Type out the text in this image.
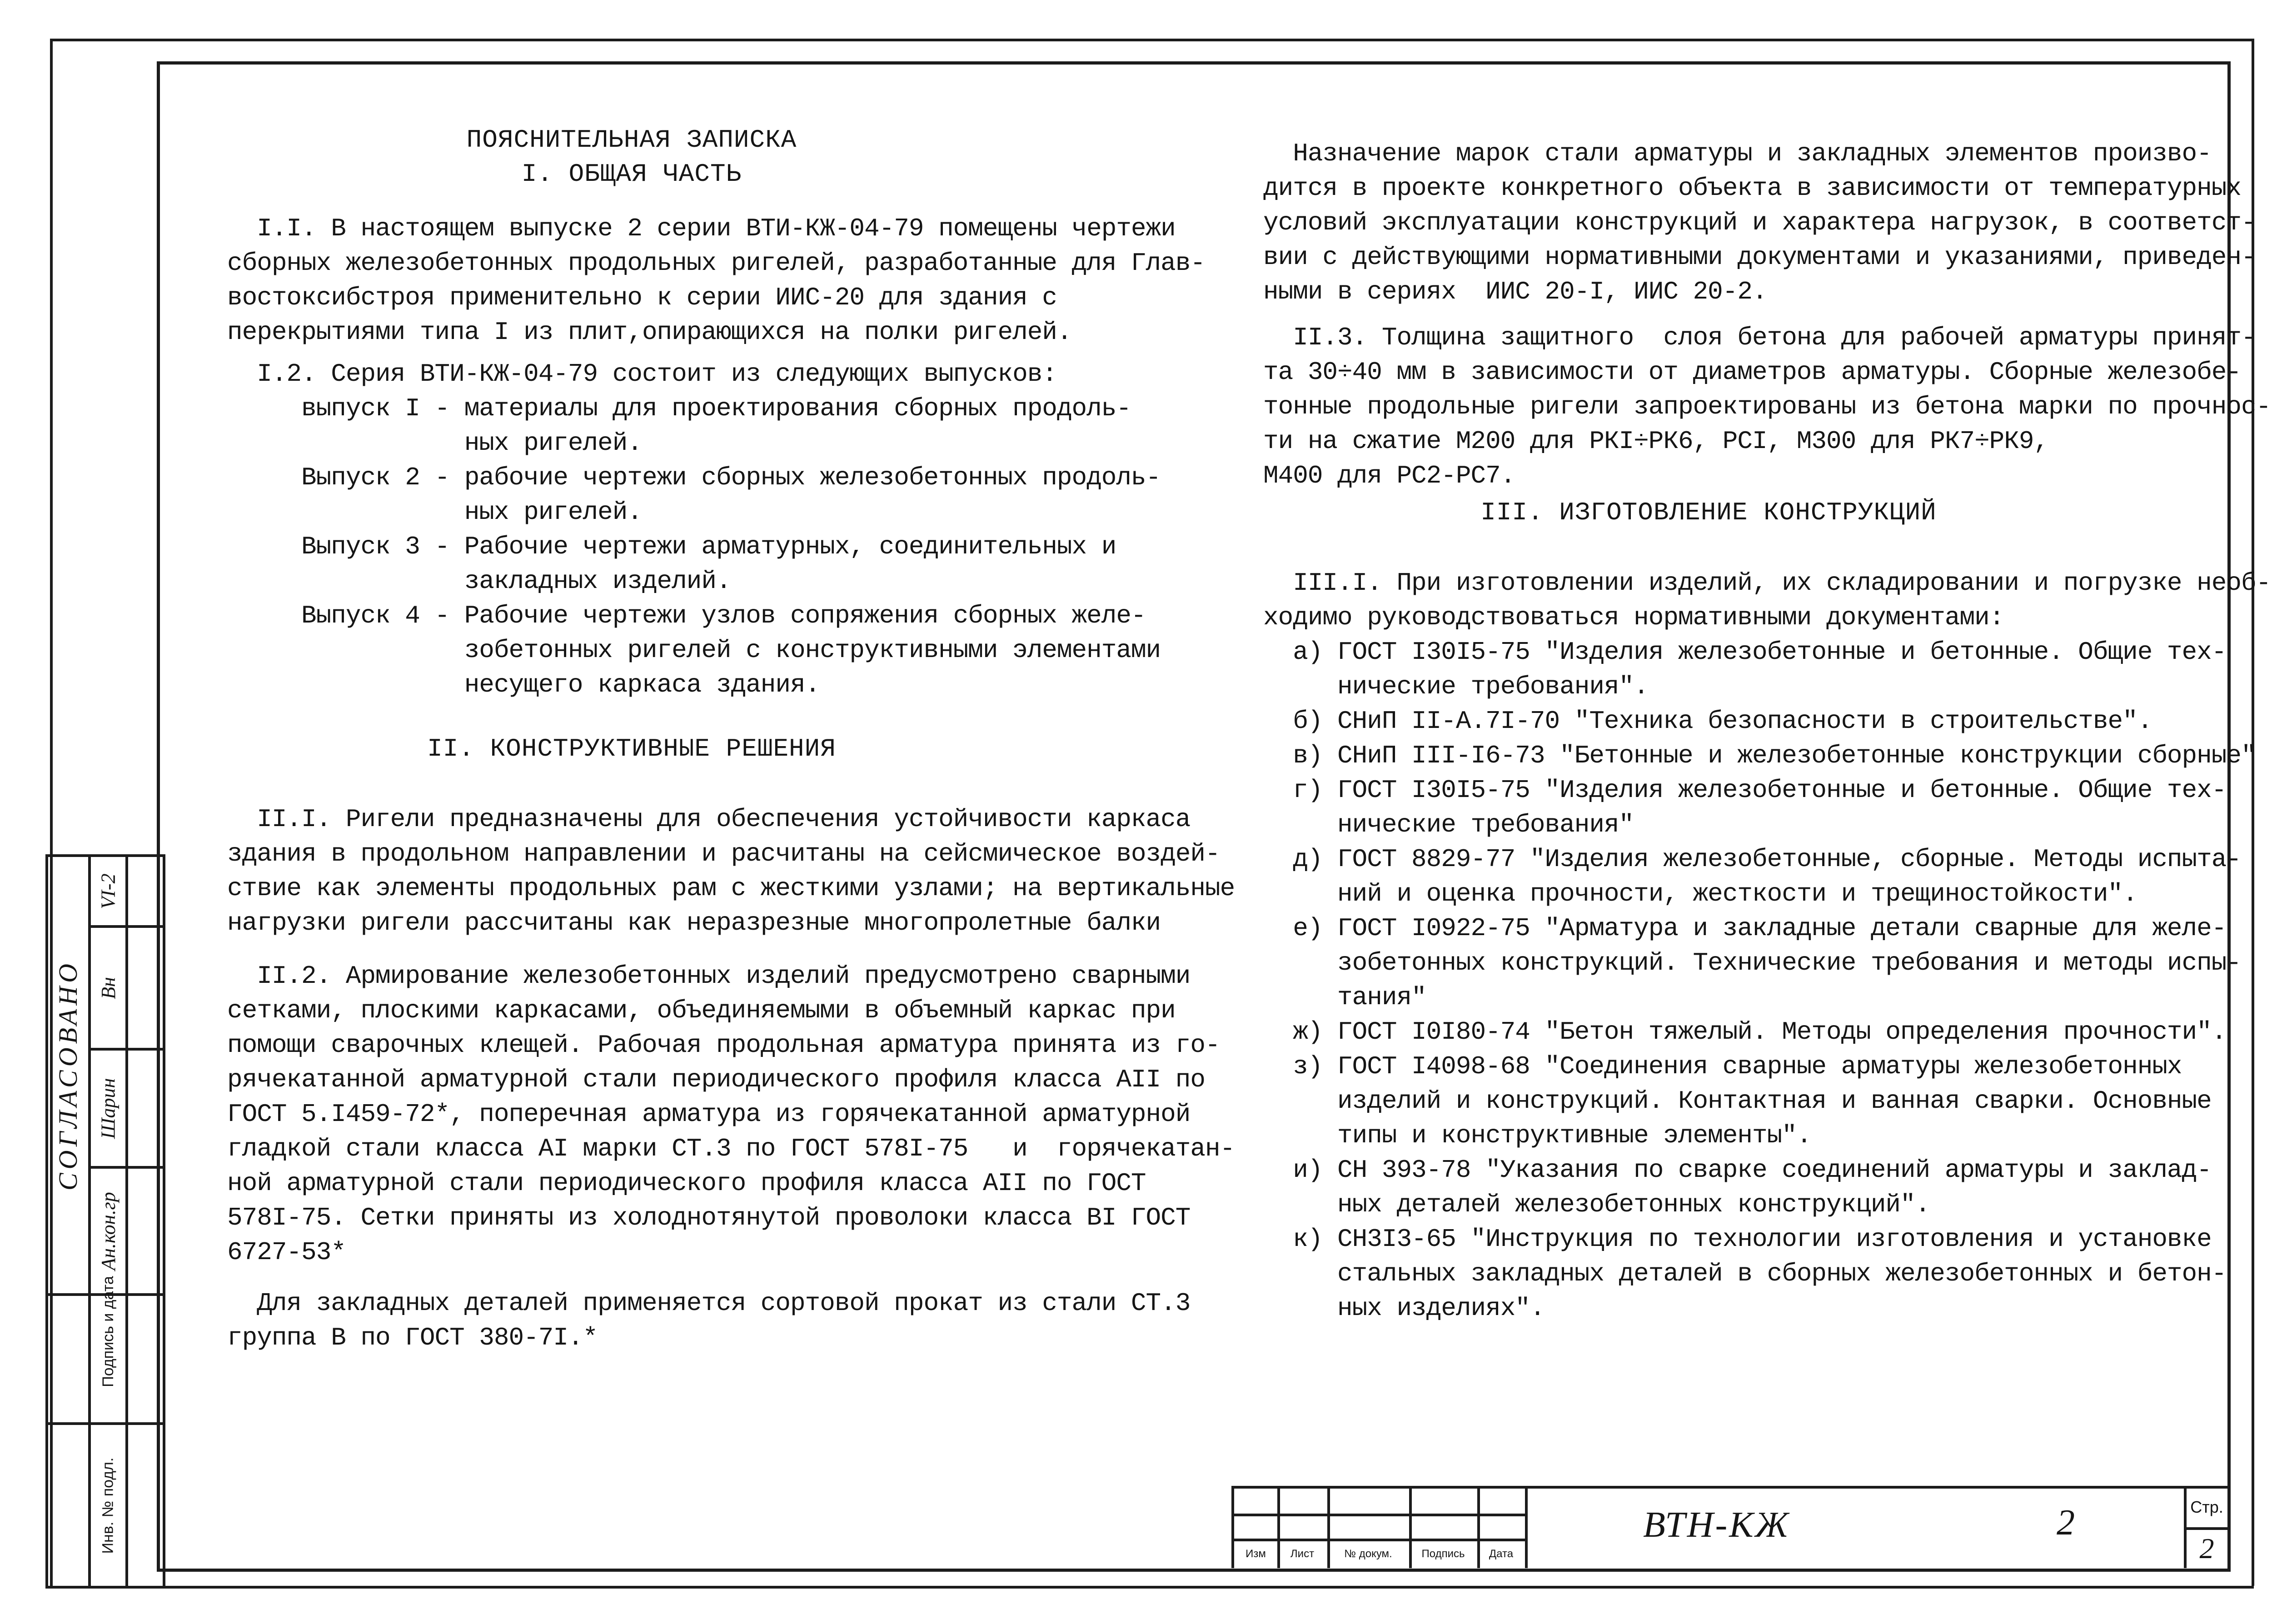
СОГЛАСОВАНО
VI-2
Вн
Шарин
Ан.кон.гр
Подпись и дата
Инв. № подл.
ПОЯСНИТЕЛЬНАЯ ЗАПИСКА
I. ОБЩАЯ ЧАСТЬ
II. КОНСТРУКТИВНЫЕ РЕШЕНИЯ
III. ИЗГОТОВЛЕНИЕ КОНСТРУКЦИЙ
I.I. В настоящем выпуске 2 серии ВТИ-КЖ-04-79 помещены чертежи
сборных железобетонных продольных ригелей, разработанные для Глав-
востоксибстроя применительно к серии ИИС-20 для здания с
перекрытиями типа I из плит,опирающихся на полки ригелей.
I.2. Серия ВТИ-КЖ-04-79 состоит из следующих выпусков:
выпуск I - материалы для проектирования сборных продоль-
ных ригелей.
Выпуск 2 - рабочие чертежи сборных железобетонных продоль-
ных ригелей.
Выпуск 3 - Рабочие чертежи арматурных, соединительных и
закладных изделий.
Выпуск 4 - Рабочие чертежи узлов сопряжения сборных желе-
зобетонных ригелей с конструктивными элементами
несущего каркаса здания.
II.I. Ригели предназначены для обеспечения устойчивости каркаса
здания в продольном направлении и расчитаны на сейсмическое воздей-
ствие как элементы продольных рам с жесткими узлами; на вертикальные
нагрузки ригели рассчитаны как неразрезные многопролетные балки
II.2. Армирование железобетонных изделий предусмотрено сварными
сетками, плоскими каркасами, объединяемыми в объемный каркас при
помощи сварочных клещей. Рабочая продольная арматура принята из го-
рячекатанной арматурной стали периодического профиля класса АII по
ГОСТ 5.I459-72*, поперечная арматура из горячекатанной арматурной
гладкой стали класса АI марки СТ.3 по ГОСТ 578I-75   и  горячекатан-
ной арматурной стали периодического профиля класса АII по ГОСТ
578I-75. Сетки приняты из холоднотянутой проволоки класса ВI ГОСТ
6727-53*
Для закладных деталей применяется сортовой прокат из стали СТ.3
группа В по ГОСТ 380-7I.*
Назначение марок стали арматуры и закладных элементов произво-
дится в проекте конкретного объекта в зависимости от температурных
условий эксплуатации конструкций и характера нагрузок, в соответст-
вии с действующими нормативными документами и указаниями, приведен-
ными в сериях  ИИС 20-I, ИИС 20-2.
II.3. Толщина защитного  слоя бетона для рабочей арматуры принят-
та 30÷40 мм в зависимости от диаметров арматуры. Сборные железобе-
тонные продольные ригели запроектированы из бетона марки по прочнос-
ти на сжатие М200 для РКI÷РК6, РСI, М300 для РК7÷РК9,
М400 для РС2-РС7.
III.I. При изготовлении изделий, их складировании и погрузке необ-
ходимо руководствоваться нормативными документами:
а) ГОСТ I30I5-75 "Изделия железобетонные и бетонные. Общие тех-
нические требования".
б) СНиП II-А.7I-70 "Техника безопасности в строительстве".
в) СНиП III-I6-73 "Бетонные и железобетонные конструкции сборные"
г) ГОСТ I30I5-75 "Изделия железобетонные и бетонные. Общие тех-
нические требования"
д) ГОСТ 8829-77 "Изделия железобетонные, сборные. Методы испыта-
ний и оценка прочности, жесткости и трещиностойкости".
е) ГОСТ I0922-75 "Арматура и закладные детали сварные для желе-
зобетонных конструкций. Технические требования и методы испы-
тания"
ж) ГОСТ I0I80-74 "Бетон тяжелый. Методы определения прочности".
з) ГОСТ I4098-68 "Соединения сварные арматуры железобетонных
изделий и конструкций. Контактная и ванная сварки. Основные
типы и конструктивные элементы".
и) СН 393-78 "Указания по сварке соединений арматуры и заклад-
ных деталей железобетонных конструкций".
к) СН3I3-65 "Инструкция по технологии изготовления и установке
стальных закладных деталей в сборных железобетонных и бетон-
ных изделиях".
Изм	Лист	№ докум.	Подпись	Дата
ВТН-КЖ	2	Стр.
2
